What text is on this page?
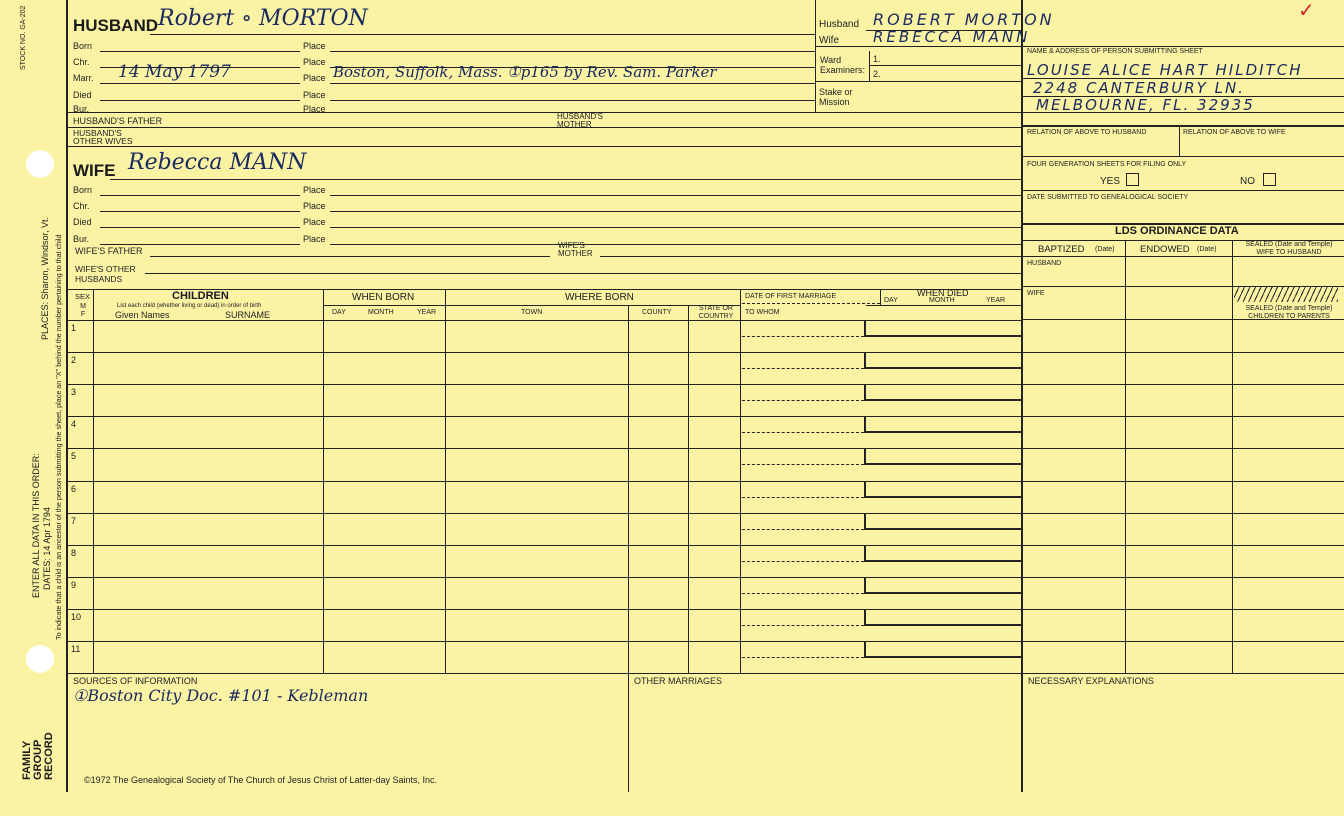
STOCK NO. GA-202
PLACES: Sharon, Windsor, Vt.
ENTER ALL DATA IN THIS ORDER: DATES: 14 Apr 1794 To indicate that a child is an ancestor of the person submitting the sheet, place an "X" behind the number pertaining to that child
FAMILY GROUP RECORD
HUSBAND Robert ∘ MORTON
Born	Place
Chr.	Place
Marr. 14 May 1797	Place Boston, Suffolk, Mass. ①p165 by Rev. Sam. Parker
Died	Place
Bur.	Place
HUSBAND'S FATHER	HUSBAND'S MOTHER
HUSBAND'S OTHER WIVES
WIFE Rebecca MANN
Born	Place
Chr.	Place
Died	Place
Bur.	Place
WIFE'S FATHER
WIFE'S MOTHER
WIFE'S OTHER HUSBANDS
Husband ROBERT MORTON
Wife REBECCA MANN
Ward
Examiners:
1.
2.
Stake or Mission
✓
NAME & ADDRESS OF PERSON SUBMITTING SHEET
LOUISE ALICE HART HILDITCH
2248 CANTERBURY LN.
MELBOURNE, FL. 32935
RELATION OF ABOVE TO HUSBAND	RELATION OF ABOVE TO WIFE
FOUR GENERATION SHEETS FOR FILING ONLY
YES	NO
DATE SUBMITTED TO GENEALOGICAL SOCIETY
LDS ORDINANCE DATA
BAPTIZED (Date)	ENDOWED (Date)
SEALED (Date and Temple) WIFE TO HUSBAND
HUSBAND
WIFE
SEALED (Date and Temple) CHILDREN TO PARENTS
SEX
M F
CHILDREN
List each child (whether living or dead) in order of birth
Given Names	SURNAME
WHEN BORN
DAY	MONTH	YEAR
WHERE BORN
TOWN	COUNTY
STATE OR COUNTRY
DATE OF FIRST MARRIAGE
TO WHOM
WHEN DIED
DAY	MONTH	YEAR
1
2
3
4
5
6
7
8
9
10
11
SOURCES OF INFORMATION
①Boston City Doc. #101 - Kebleman
OTHER MARRIAGES	NECESSARY EXPLANATIONS
©1972 The Genealogical Society of The Church of Jesus Christ of Latter-day Saints, Inc.
